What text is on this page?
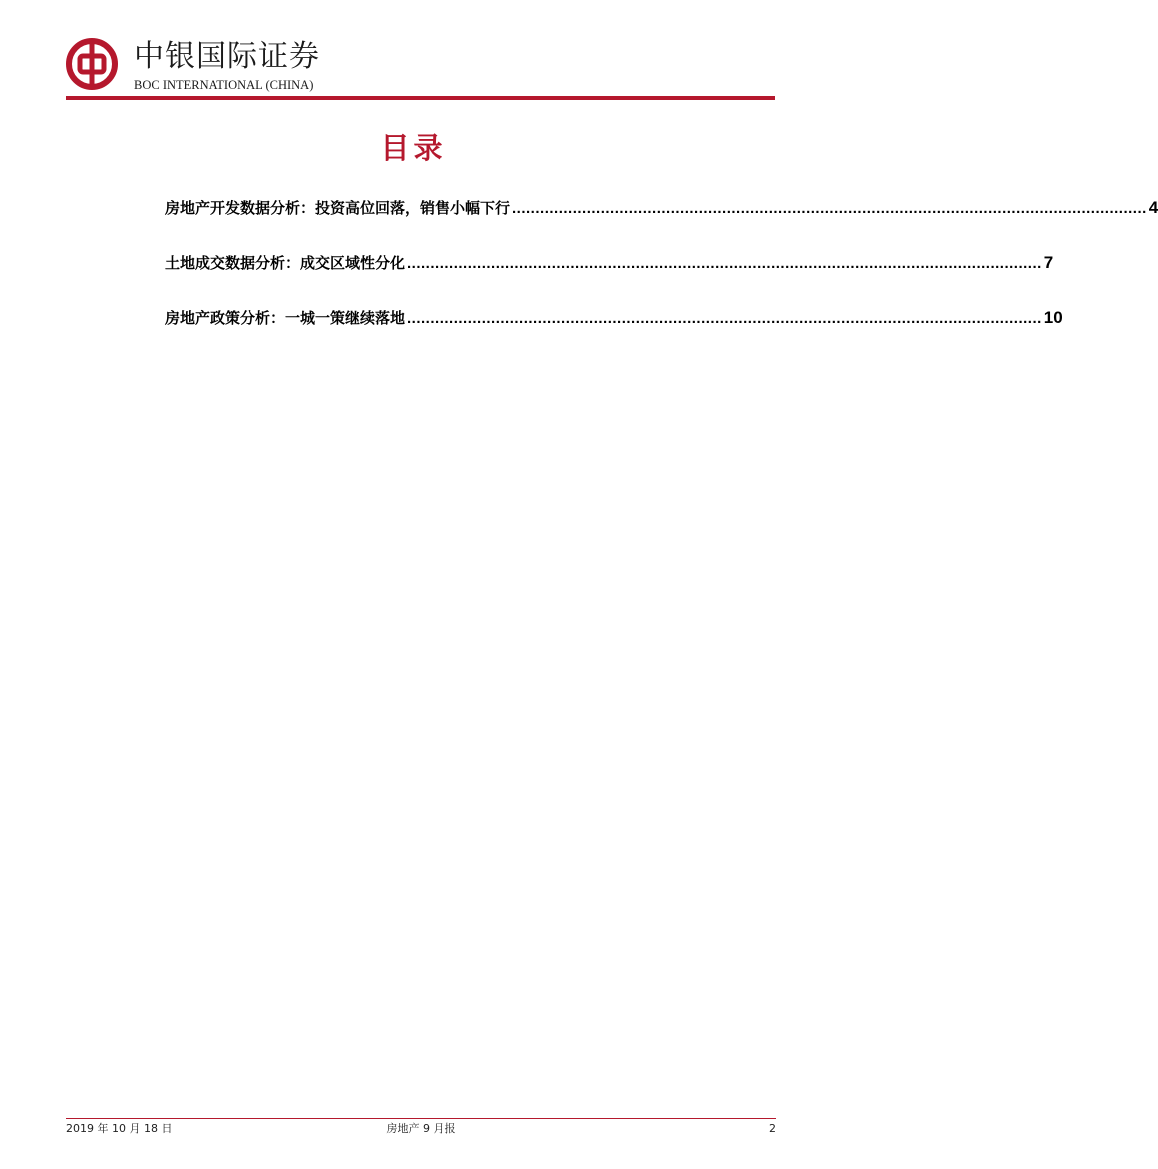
中银国际证券
BOC INTERNATIONAL (CHINA)
目录
房地产开发数据分析：投资高位回落，销售小幅下行 ........................................................................................................................................ 4
土地成交数据分析：成交区域性分化 ........................................................................................................................................ 7
房地产政策分析：一城一策继续落地 ........................................................................................................................................ 10
2019 年 10 月 18 日	房地产 9 月报	2
